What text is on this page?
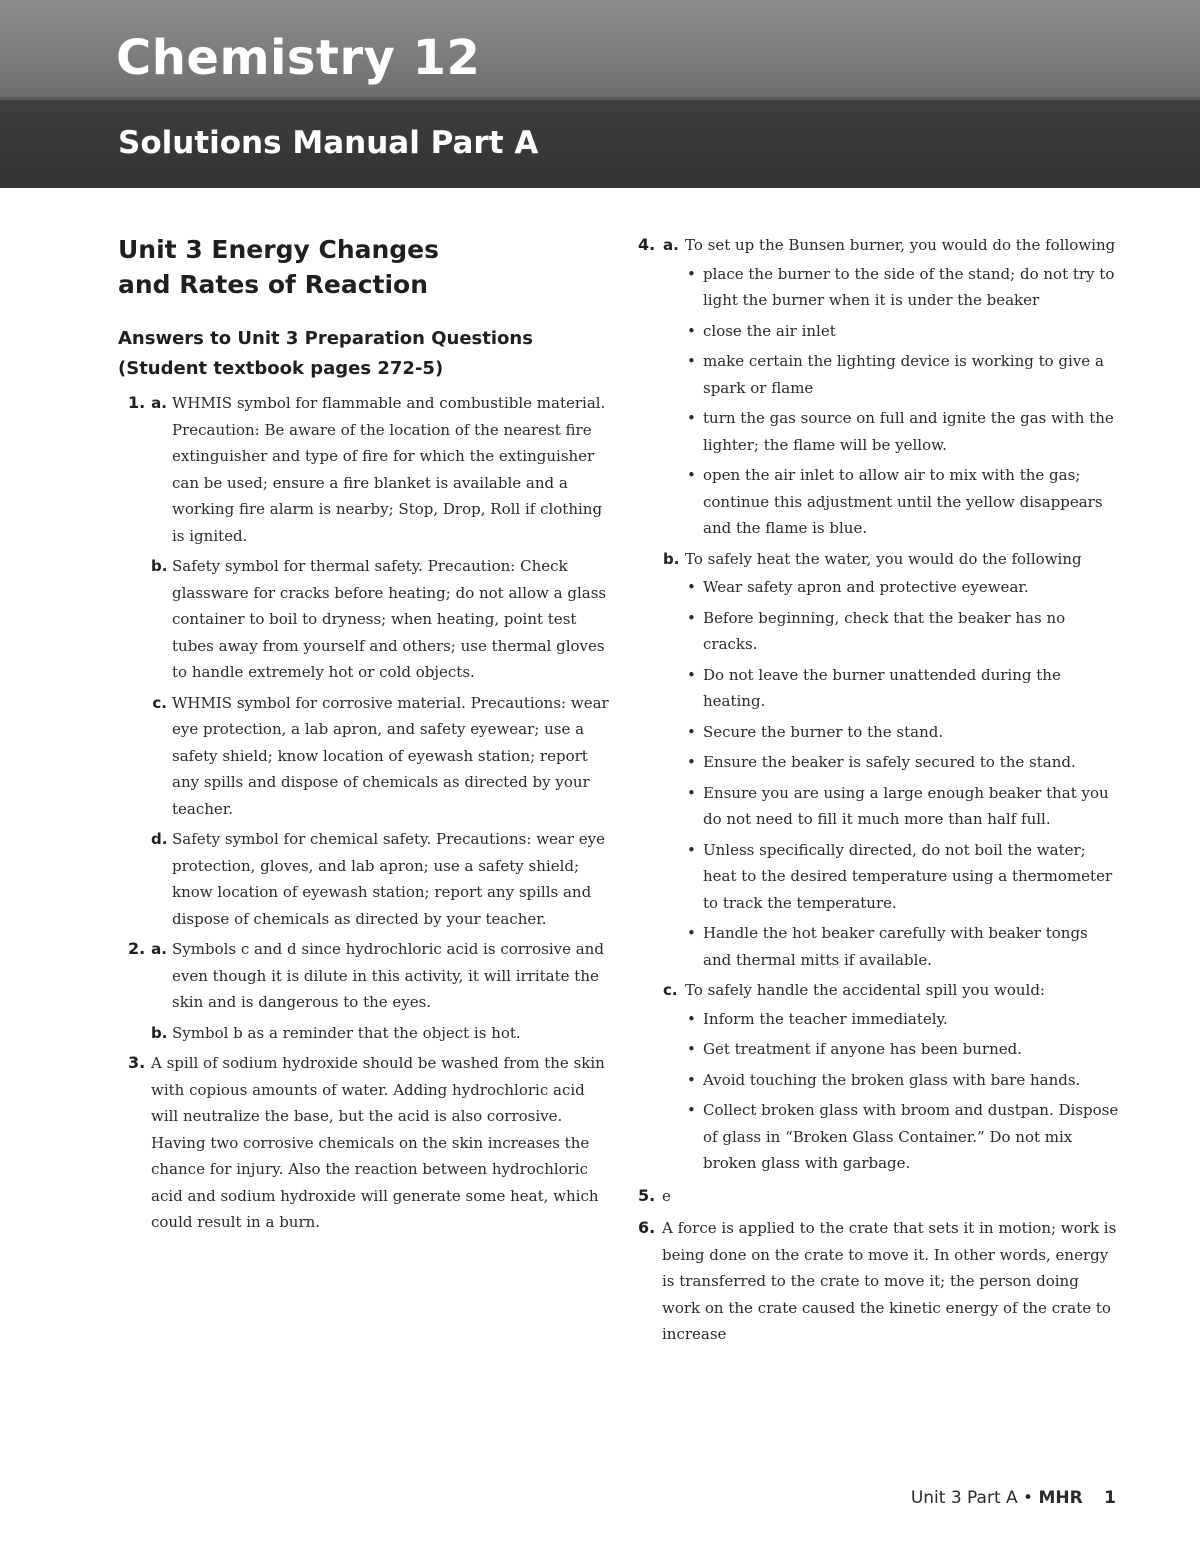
Chemistry 12
Solutions Manual Part A
Unit 3 Energy Changes
and Rates of Reaction
Answers to Unit 3 Preparation Questions
(Student textbook pages 272-5)
1. a. WHMIS symbol for flammable and combustible material. Precaution: Be aware of the location of the nearest fire extinguisher and type of fire for which the extinguisher can be used; ensure a fire blanket is available and a working fire alarm is nearby; Stop, Drop, Roll if clothing is ignited.
b. Safety symbol for thermal safety. Precaution: Check glassware for cracks before heating; do not allow a glass container to boil to dryness; when heating, point test tubes away from yourself and others; use thermal gloves to handle extremely hot or cold objects.
c. WHMIS symbol for corrosive material. Precautions: wear eye protection, a lab apron, and safety eyewear; use a safety shield; know location of eyewash station; report any spills and dispose of chemicals as directed by your teacher.
d. Safety symbol for chemical safety. Precautions: wear eye protection, gloves, and lab apron; use a safety shield; know location of eyewash station; report any spills and dispose of chemicals as directed by your teacher.
2. a. Symbols c and d since hydrochloric acid is corrosive and even though it is dilute in this activity, it will irritate the skin and is dangerous to the eyes.
b. Symbol b as a reminder that the object is hot.
3. A spill of sodium hydroxide should be washed from the skin with copious amounts of water. Adding hydrochloric acid will neutralize the base, but the acid is also corrosive. Having two corrosive chemicals on the skin increases the chance for injury. Also the reaction between hydrochloric acid and sodium hydroxide will generate some heat, which could result in a burn.
4. a. To set up the Bunsen burner, you would do the following
• place the burner to the side of the stand; do not try to light the burner when it is under the beaker
• close the air inlet
• make certain the lighting device is working to give a spark or flame
• turn the gas source on full and ignite the gas with the lighter; the flame will be yellow.
• open the air inlet to allow air to mix with the gas; continue this adjustment until the yellow disappears and the flame is blue.
b. To safely heat the water, you would do the following
• Wear safety apron and protective eyewear.
• Before beginning, check that the beaker has no cracks.
• Do not leave the burner unattended during the heating.
• Secure the burner to the stand.
• Ensure the beaker is safely secured to the stand.
• Ensure you are using a large enough beaker that you do not need to fill it much more than half full.
• Unless specifically directed, do not boil the water; heat to the desired temperature using a thermometer to track the temperature.
• Handle the hot beaker carefully with beaker tongs and thermal mitts if available.
c. To safely handle the accidental spill you would:
• Inform the teacher immediately.
• Get treatment if anyone has been burned.
• Avoid touching the broken glass with bare hands.
• Collect broken glass with broom and dustpan. Dispose of glass in “Broken Glass Container.” Do not mix broken glass with garbage.
5. e
6. A force is applied to the crate that sets it in motion; work is being done on the crate to move it. In other words, energy is transferred to the crate to move it; the person doing work on the crate caused the kinetic energy of the crate to increase
Unit 3 Part A • MHR 1
